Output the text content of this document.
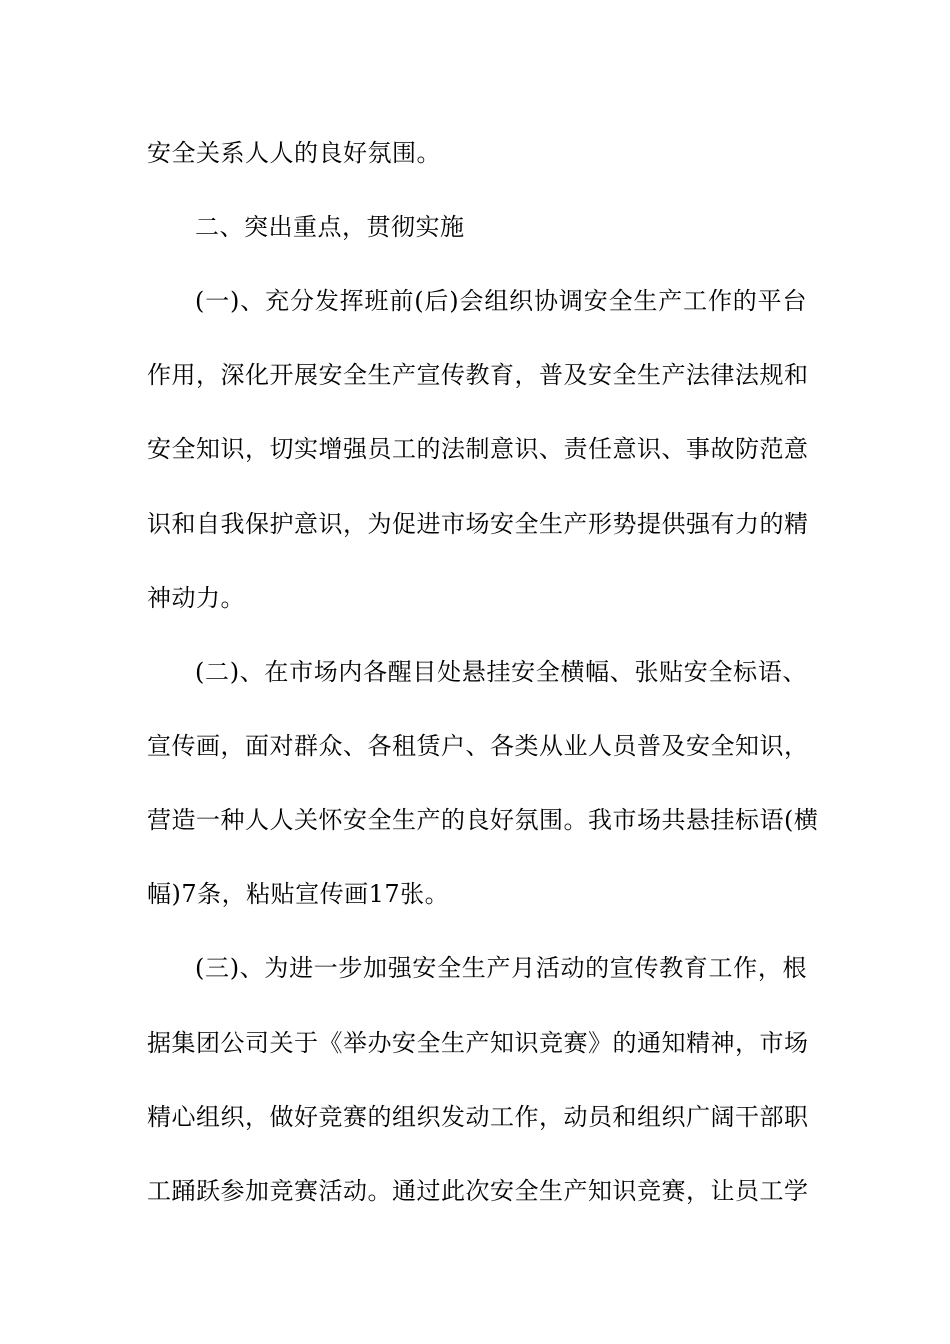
安全关系人人的良好氛围。
二、突出重点，贯彻实施
(一)、充分发挥班前(后)会组织协调安全生产工作的平台
作用，深化开展安全生产宣传教育，普及安全生产法律法规和
安全知识，切实增强员工的法制意识、责任意识、事故防范意
识和自我保护意识，为促进市场安全生产形势提供强有力的精
神动力。
(二)、在市场内各醒目处悬挂安全横幅、张贴安全标语、
宣传画，面对群众、各租赁户、各类从业人员普及安全知识，
营造一种人人关怀安全生产的良好氛围。我市场共悬挂标语(横
幅)7条，粘贴宣传画17张。
(三)、为进一步加强安全生产月活动的宣传教育工作，根
据集团公司关于《举办安全生产知识竞赛》的通知精神，市场
精心组织，做好竞赛的组织发动工作，动员和组织广阔干部职
工踊跃参加竞赛活动。通过此次安全生产知识竞赛，让员工学
